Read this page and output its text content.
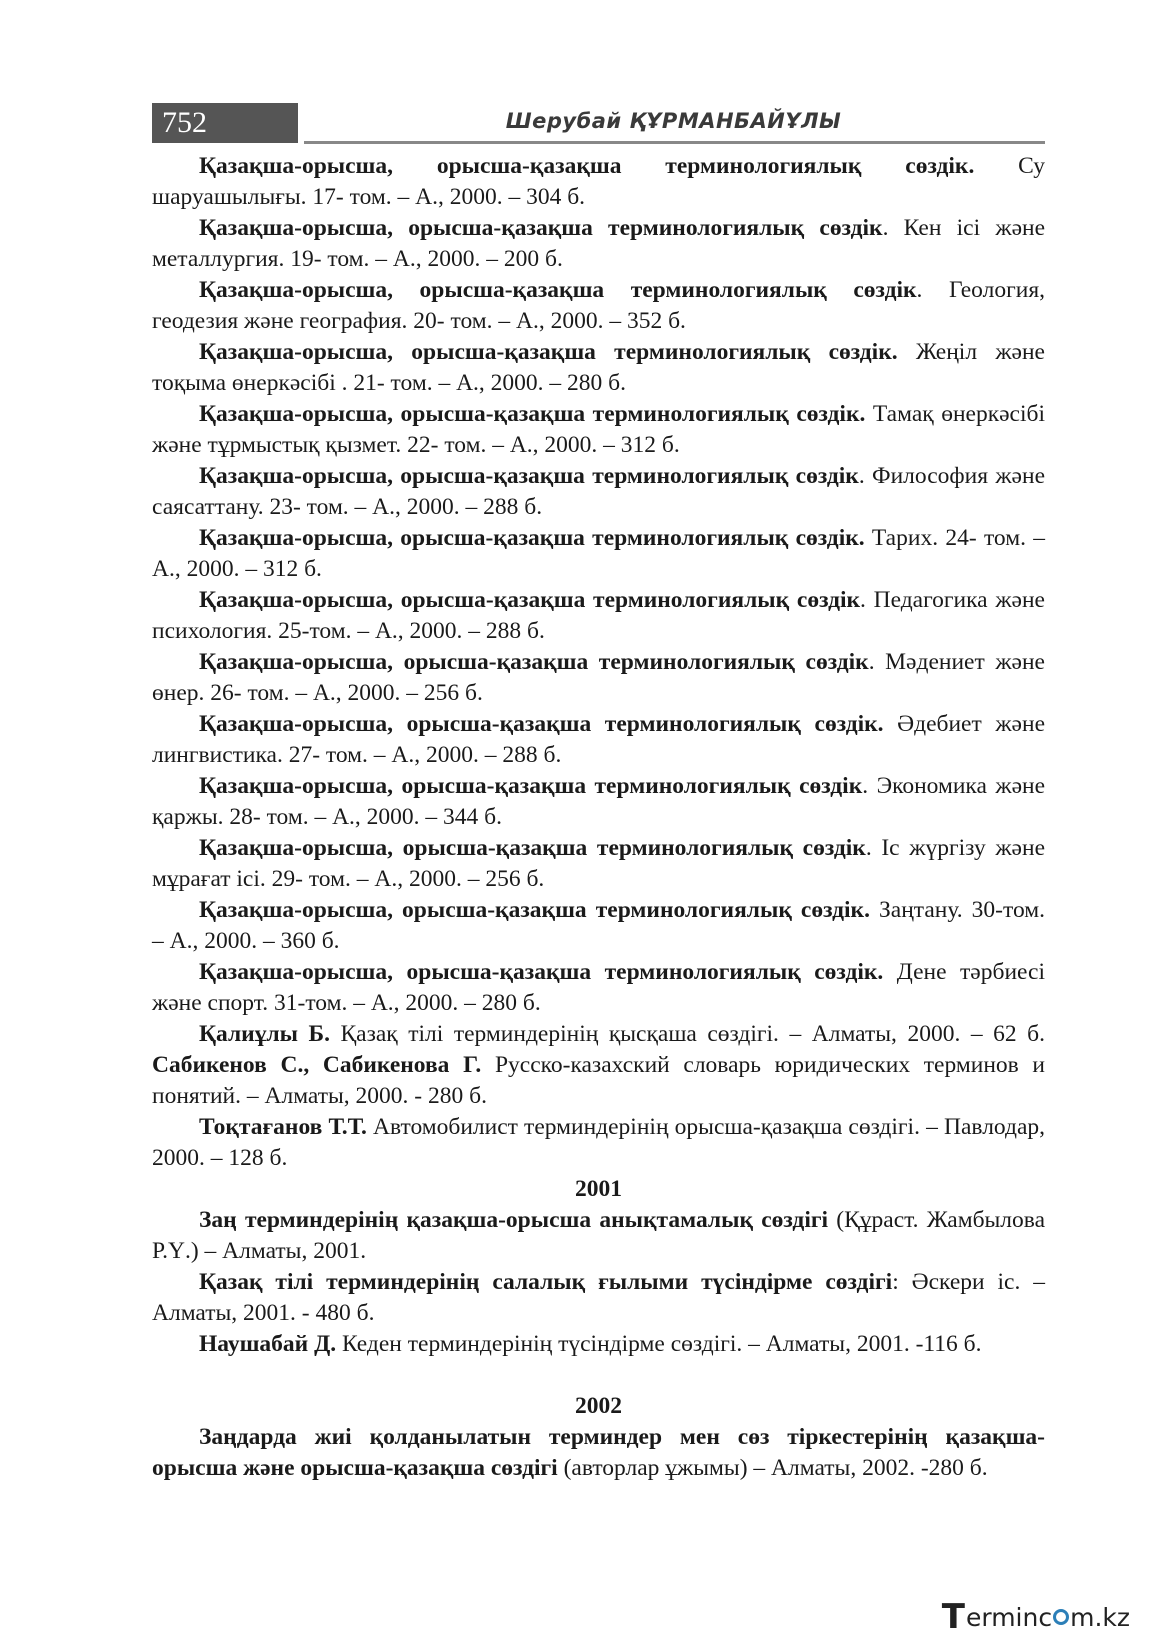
752	Шерубай ҚҰРМАНБАЙҰЛЫ

Қазақша-орысша, орысша-қазақша терминологиялық сөздік. Су шаруашылығы. 17- том. – А., 2000. – 304 б.

Қазақша-орысша, орысша-қазақша терминологиялық сөздік. Кен ісі және металлургия. 19- том. – А., 2000. – 200 б.

Қазақша-орысша, орысша-қазақша терминологиялық сөздік. Геология, геодезия және география. 20- том. – А., 2000. – 352 б.

Қазақша-орысша, орысша-қазақша терминологиялық сөздік. Жеңіл және тоқыма өнеркәсібі . 21- том. – А., 2000. – 280 б.

Қазақша-орысша, орысша-қазақша терминологиялық сөздік. Тамақ өнеркәсібі және тұрмыстық қызмет. 22- том. – А., 2000. – 312 б.

Қазақша-орысша, орысша-қазақша терминологиялық сөздік. Философия және саясаттану. 23- том. – А., 2000. – 288 б.

Қазақша-орысша, орысша-қазақша терминологиялық сөздік. Тарих. 24- том. – А., 2000. – 312 б.

Қазақша-орысша, орысша-қазақша терминологиялық сөздік. Педагогика және психология. 25-том. – А., 2000. – 288 б.

Қазақша-орысша, орысша-қазақша терминологиялық сөздік. Мәдениет және өнер. 26- том. – А., 2000. – 256 б.

Қазақша-орысша, орысша-қазақша терминологиялық сөздік. Әдебиет және лингвистика. 27- том. – А., 2000. – 288 б.

Қазақша-орысша, орысша-қазақша терминологиялық сөздік. Экономика және қаржы. 28- том. – А., 2000. – 344 б.

Қазақша-орысша, орысша-қазақша терминологиялық сөздік. Іс жүргізу және мұрағат ісі. 29- том. – А., 2000. – 256 б.

Қазақша-орысша, орысша-қазақша терминологиялық сөздік. Заңтану. 30-том. – А., 2000. – 360 б.

Қазақша-орысша, орысша-қазақша терминологиялық сөздік. Дене тәрбиесі және спорт. 31-том. – А., 2000. – 280 б.

Қалиұлы Б. Қазақ тілі терминдерінің қысқаша сөздігі. – Алматы, 2000. – 62 б. Сабикенов С., Сабикенова Г. Русско-казахский словарь юридических терминов и понятий. – Алматы, 2000. - 280 б.

Тоқтағанов Т.Т. Автомобилист терминдерінің орысша-қазақша сөздігі. – Павлодар, 2000. – 128 б.

2001

Заң терминдерінің қазақша-орысша анықтамалық сөздігі (Құраст. Жамбылова Р.Ү.) – Алматы, 2001.

Қазақ тілі терминдерінің салалық ғылыми түсіндірме сөздігі: Әскери іс. – Алматы, 2001. - 480 б.

Наушабай Д. Кеден терминдерінің түсіндірме сөздігі. – Алматы, 2001. -116 б.

2002

Заңдарда жиі қолданылатын терминдер мен сөз тіркестерінің қазақша-орысша және орысша-қазақша сөздігі (авторлар ұжымы) – Алматы, 2002. -280 б.

T erminc m.kz
